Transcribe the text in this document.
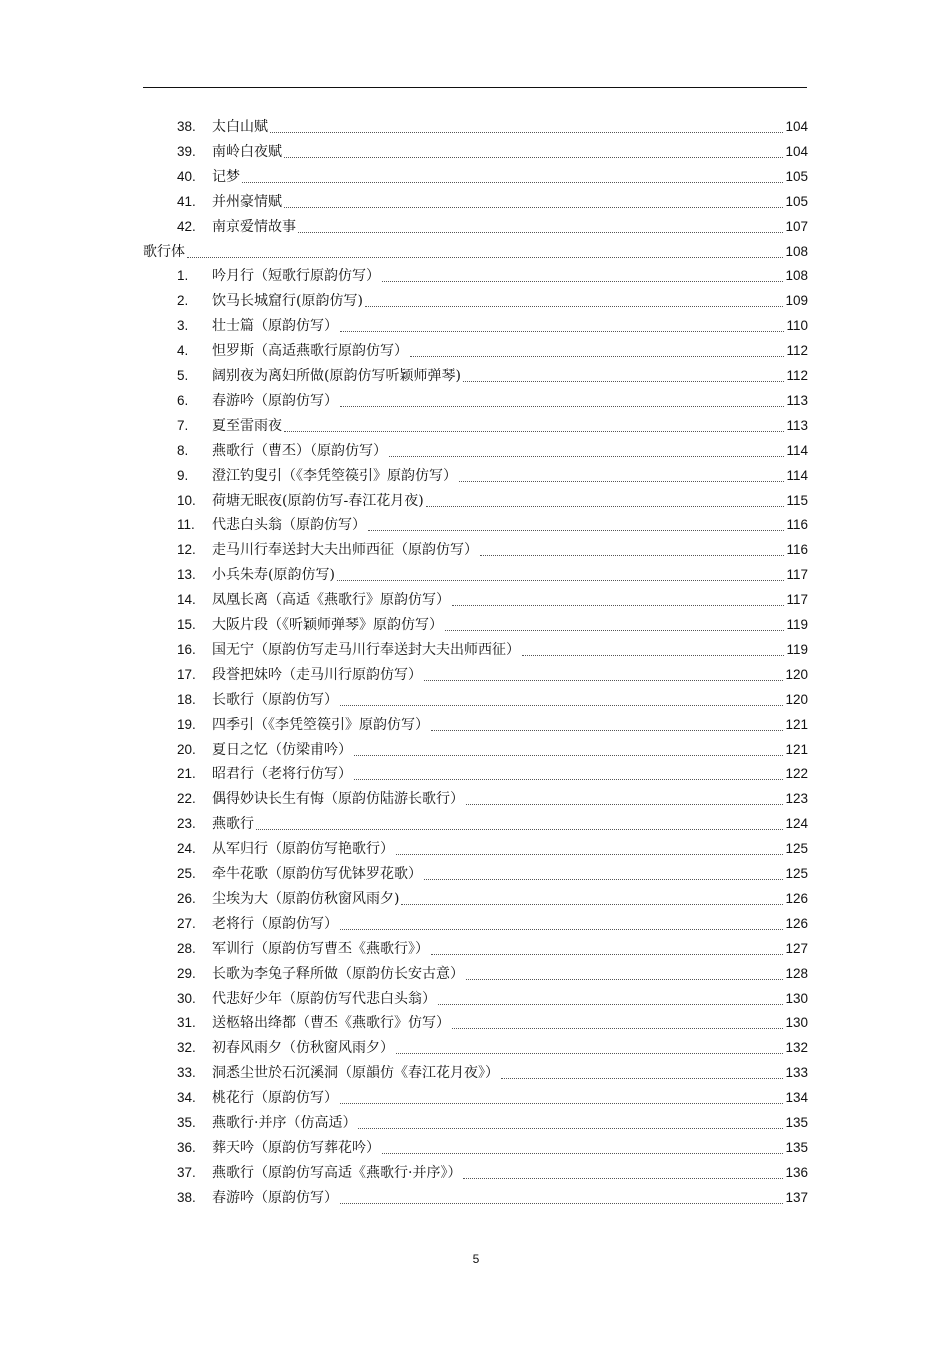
38.	太白山赋	104
39.	南岭白夜赋	104
40.	记梦	105
41.	并州豪情赋	105
42.	南京爱情故事	107
歌行体	108
1.	吟月行（短歌行原韵仿写）	108
2.	饮马长城窟行(原韵仿写)	109
3.	壮士篇（原韵仿写）	110
4.	怛罗斯（高适燕歌行原韵仿写）	112
5.	阔别夜为离妇所做(原韵仿写听颖师弹琴)	112
6.	春游吟（原韵仿写）	113
7.	夏至雷雨夜	113
8.	燕歌行（曹丕）（原韵仿写）	114
9.	澄江钓叟引（《李凭箜篌引》原韵仿写）	114
10.	荷塘无眠夜(原韵仿写-春江花月夜)	115
11.	代悲白头翁（原韵仿写）	116
12.	走马川行奉送封大夫出师西征（原韵仿写）	116
13.	小兵朱寿(原韵仿写)	117
14.	凤凰长离（高适《燕歌行》原韵仿写）	117
15.	大阪片段（《听颖师弹琴》原韵仿写）	119
16.	国无宁（原韵仿写走马川行奉送封大夫出师西征）	119
17.	段誉把妹吟（走马川行原韵仿写）	120
18.	长歌行（原韵仿写）	120
19.	四季引（《李凭箜篌引》原韵仿写）	121
20.	夏日之忆（仿梁甫吟）	121
21.	昭君行（老将行仿写）	122
22.	偶得妙诀长生有悔（原韵仿陆游长歌行）	123
23.	燕歌行	124
24.	从军归行（原韵仿写艳歌行）	125
25.	牵牛花歌（原韵仿写优钵罗花歌）	125
26.	尘埃为大（原韵仿秋窗风雨夕)	126
27.	老将行（原韵仿写）	126
28.	军训行（原韵仿写曹丕《燕歌行》）	127
29.	长歌为李兔子释所做（原韵仿长安古意）	128
30.	代悲好少年（原韵仿写代悲白头翁）	130
31.	送柩辂出绛都（曹丕《燕歌行》仿写）	130
32.	初春风雨夕（仿秋窗风雨夕）	132
33.	洞悉尘世於石沉溪洞（原韻仿《春江花月夜》）	133
34.	桃花行（原韵仿写）	134
35.	燕歌行·并序（仿高适）	135
36.	葬天吟（原韵仿写葬花吟）	135
37.	燕歌行（原韵仿写高适《燕歌行·并序》）	136
38.	春游吟（原韵仿写）	137
5
